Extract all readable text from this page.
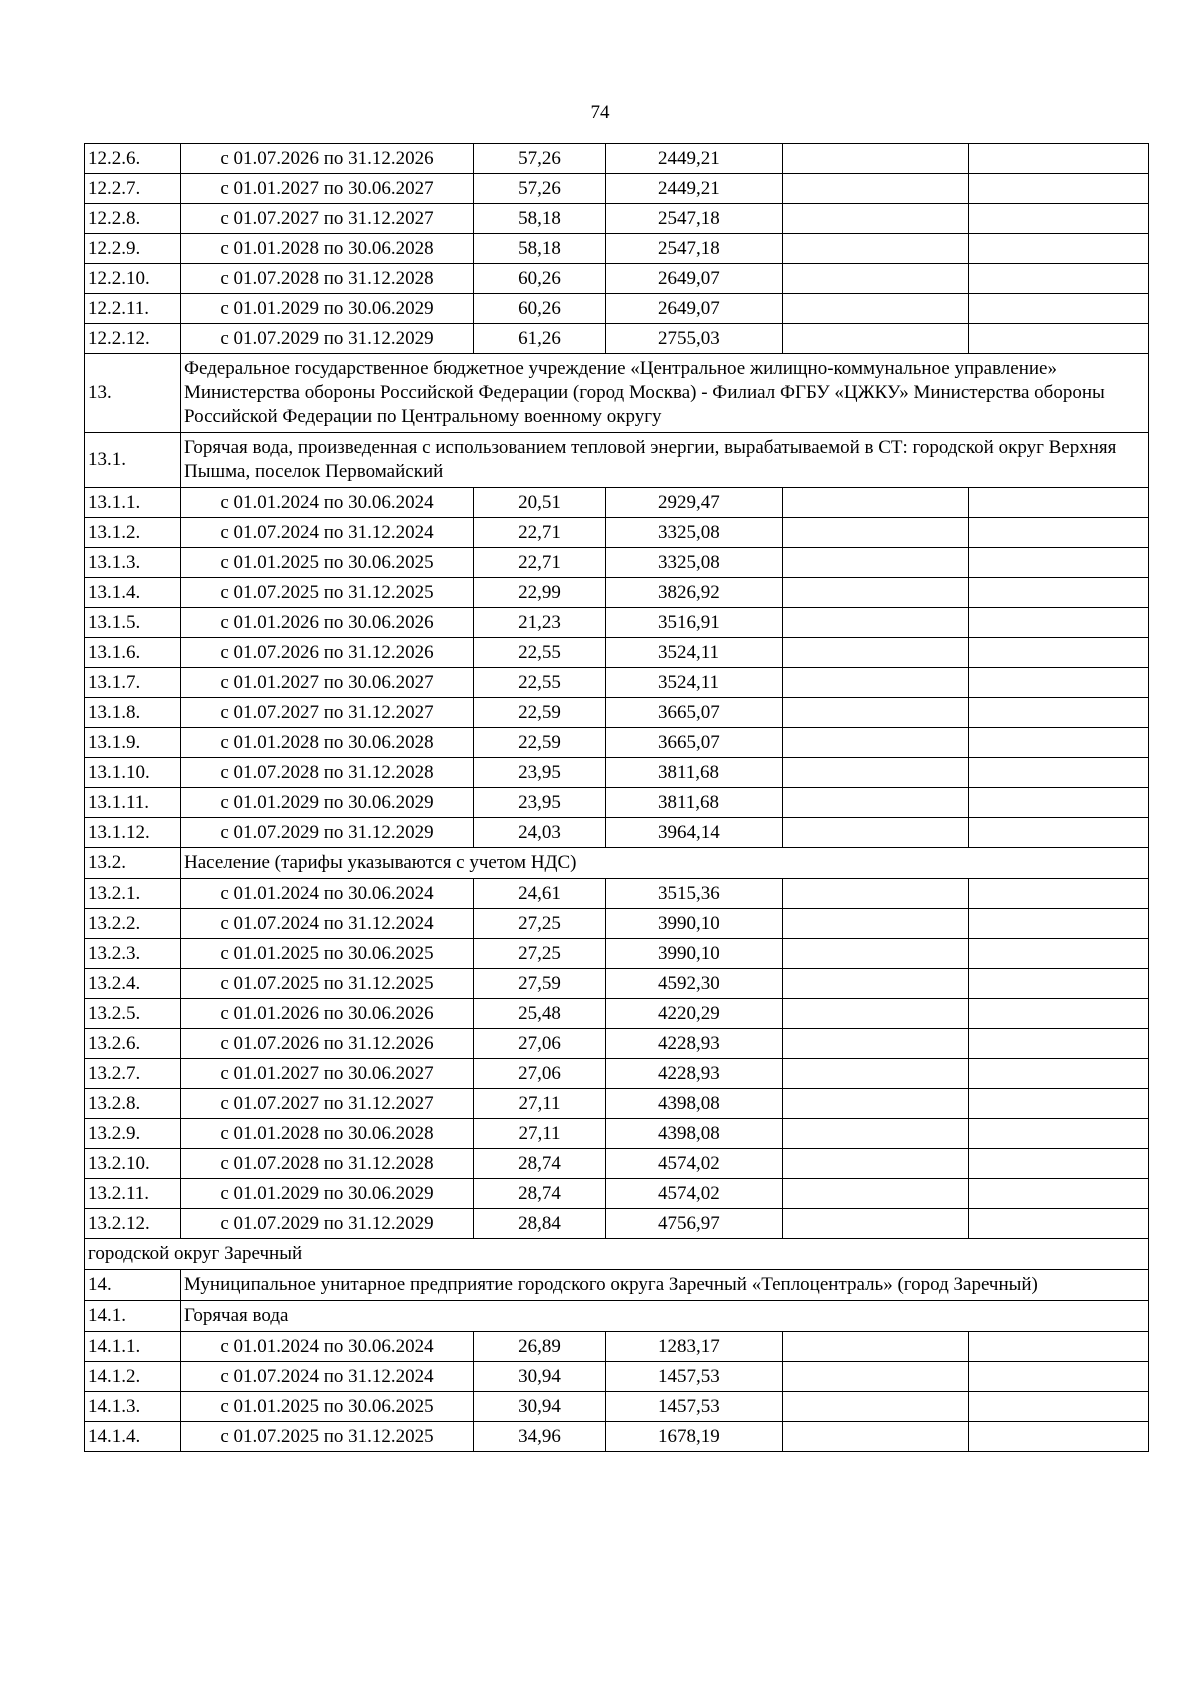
74
12.2.6.	с 01.07.2026 по 31.12.2026	57,26	2449,21		
12.2.7.	с 01.01.2027 по 30.06.2027	57,26	2449,21		
12.2.8.	с 01.07.2027 по 31.12.2027	58,18	2547,18		
12.2.9.	с 01.01.2028 по 30.06.2028	58,18	2547,18		
12.2.10.	с 01.07.2028 по 31.12.2028	60,26	2649,07		
12.2.11.	с 01.01.2029 по 30.06.2029	60,26	2649,07		
12.2.12.	с 01.07.2029 по 31.12.2029	61,26	2755,03		
13.	Федеральное государственное бюджетное учреждение «Центральное жилищно-коммунальное управление» Министерства обороны Российской Федерации (город Москва) - Филиал ФГБУ «ЦЖКУ» Министерства обороны Российской Федерации по Центральному военному округу				
13.1.	Горячая вода, произведенная с использованием тепловой энергии, вырабатываемой в СТ: городской округ Верхняя Пышма, поселок Первомайский				
13.1.1.	с 01.01.2024 по 30.06.2024	20,51	2929,47		
13.1.2.	с 01.07.2024 по 31.12.2024	22,71	3325,08		
13.1.3.	с 01.01.2025 по 30.06.2025	22,71	3325,08		
13.1.4.	с 01.07.2025 по 31.12.2025	22,99	3826,92		
13.1.5.	с 01.01.2026 по 30.06.2026	21,23	3516,91		
13.1.6.	с 01.07.2026 по 31.12.2026	22,55	3524,11		
13.1.7.	с 01.01.2027 по 30.06.2027	22,55	3524,11		
13.1.8.	с 01.07.2027 по 31.12.2027	22,59	3665,07		
13.1.9.	с 01.01.2028 по 30.06.2028	22,59	3665,07		
13.1.10.	с 01.07.2028 по 31.12.2028	23,95	3811,68		
13.1.11.	с 01.01.2029 по 30.06.2029	23,95	3811,68		
13.1.12.	с 01.07.2029 по 31.12.2029	24,03	3964,14		
13.2.	Население (тарифы указываются с учетом НДС)				
13.2.1.	с 01.01.2024 по 30.06.2024	24,61	3515,36		
13.2.2.	с 01.07.2024 по 31.12.2024	27,25	3990,10		
13.2.3.	с 01.01.2025 по 30.06.2025	27,25	3990,10		
13.2.4.	с 01.07.2025 по 31.12.2025	27,59	4592,30		
13.2.5.	с 01.01.2026 по 30.06.2026	25,48	4220,29		
13.2.6.	с 01.07.2026 по 31.12.2026	27,06	4228,93		
13.2.7.	с 01.01.2027 по 30.06.2027	27,06	4228,93		
13.2.8.	с 01.07.2027 по 31.12.2027	27,11	4398,08		
13.2.9.	с 01.01.2028 по 30.06.2028	27,11	4398,08		
13.2.10.	с 01.07.2028 по 31.12.2028	28,74	4574,02		
13.2.11.	с 01.01.2029 по 30.06.2029	28,74	4574,02		
13.2.12.	с 01.07.2029 по 31.12.2029	28,84	4756,97		
городской округ Заречный					
14.	Муниципальное унитарное предприятие городского округа Заречный «Теплоцентраль» (город Заречный)				
14.1.	Горячая вода				
14.1.1.	с 01.01.2024 по 30.06.2024	26,89	1283,17		
14.1.2.	с 01.07.2024 по 31.12.2024	30,94	1457,53		
14.1.3.	с 01.01.2025 по 30.06.2025	30,94	1457,53		
14.1.4.	с 01.07.2025 по 31.12.2025	34,96	1678,19		
